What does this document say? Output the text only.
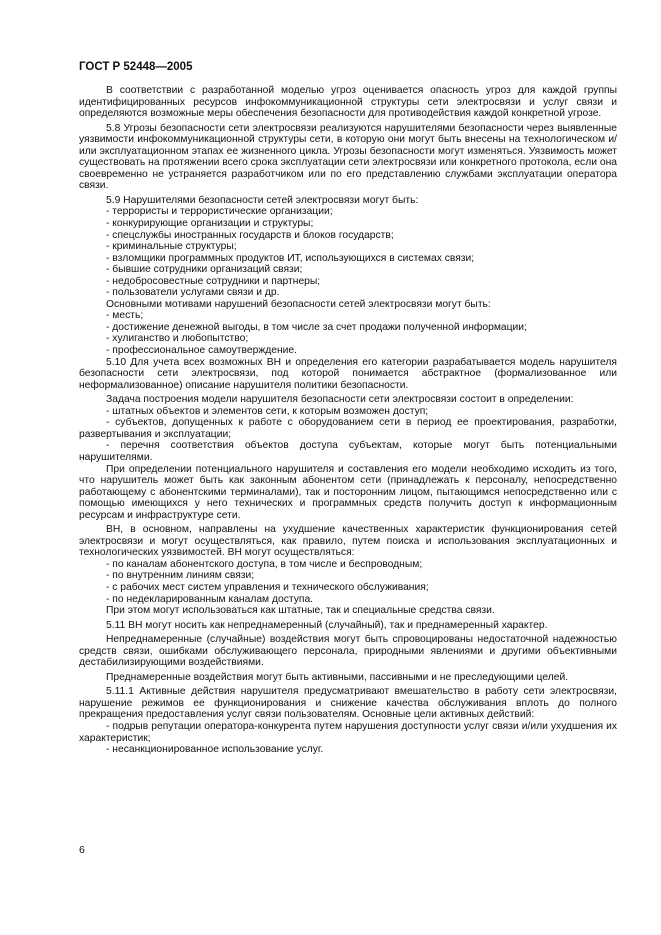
ГОСТ Р 52448—2005

В соответствии с разработанной моделью угроз оценивается опасность угроз для каждой группы идентифицированных ресурсов инфокоммуникационной структуры сети электросвязи и услуг связи и определяются возможные меры обеспечения безопасности для противодействия каждой конкретной угрозе.

5.8 Угрозы безопасности сети электросвязи реализуются нарушителями безопасности через выявленные уязвимости инфокоммуникационной структуры сети, в которую они могут быть внесены на технологическом и/или эксплуатационном этапах ее жизненного цикла. Угрозы безопасности могут изменяться. Уязвимость может существовать на протяжении всего срока эксплуатации сети электросвязи или конкретного протокола, если она своевременно не устраняется разработчиком или по его представлению службами эксплуатации оператора связи.

5.9 Нарушителями безопасности сетей электросвязи могут быть:

- террористы и террористические организации;

- конкурирующие организации и структуры;

- спецслужбы иностранных государств и блоков государств;

- криминальные структуры;

- взломщики программных продуктов ИТ, использующихся в системах связи;

- бывшие сотрудники организаций связи;

- недобросовестные сотрудники и партнеры;

- пользователи услугами связи и др.

Основными мотивами нарушений безопасности сетей электросвязи могут быть:

- месть;

- достижение денежной выгоды, в том числе за счет продажи полученной информации;

- хулиганство и любопытство;

- профессиональное самоутверждение.

5.10 Для учета всех возможных ВН и определения его категории разрабатывается модель нарушителя безопасности сети электросвязи, под которой понимается абстрактное (формализованное или неформализованное) описание нарушителя политики безопасности.

Задача построения модели нарушителя безопасности сети электросвязи состоит в определении:

- штатных объектов и элементов сети, к которым возможен доступ;

- субъектов, допущенных к работе с оборудованием сети в период ее проектирования, разработки, развертывания и эксплуатации;

- перечня соответствия объектов доступа субъектам, которые могут быть потенциальными нарушителями.

При определении потенциального нарушителя и составления его модели необходимо исходить из того, что нарушитель может быть как законным абонентом сети (принадлежать к персоналу, непосредственно работающему с абонентскими терминалами), так и посторонним лицом, пытающимся непосредственно или с помощью имеющихся у него технических и программных средств получить доступ к информационным ресурсам и инфраструктуре сети.

ВН, в основном, направлены на ухудшение качественных характеристик функционирования сетей электросвязи и могут осуществляться, как правило, путем поиска и использования эксплуатационных и технологических уязвимостей. ВН могут осуществляться:

- по каналам абонентского доступа, в том числе и беспроводным;

- по внутренним линиям связи;

- с рабочих мест систем управления и технического обслуживания;

- по недекларированным каналам доступа.

При этом могут использоваться как штатные, так и специальные средства связи.

5.11 ВН могут носить как непреднамеренный (случайный), так и преднамеренный характер.

Непреднамеренные (случайные) воздействия могут быть спровоцированы недостаточной надежностью средств связи, ошибками обслуживающего персонала, природными явлениями и другими объективными дестабилизирующими воздействиями.

Преднамеренные воздействия могут быть активными, пассивными и не преследующими целей.

5.11.1 Активные действия нарушителя предусматривают вмешательство в работу сети электросвязи, нарушение режимов ее функционирования и снижение качества обслуживания вплоть до полного прекращения предоставления услуг связи пользователям. Основные цели активных действий:

- подрыв репутации оператора-конкурента путем нарушения доступности услуг связи и/или ухудшения их характеристик;

- несанкционированное использование услуг.

6
